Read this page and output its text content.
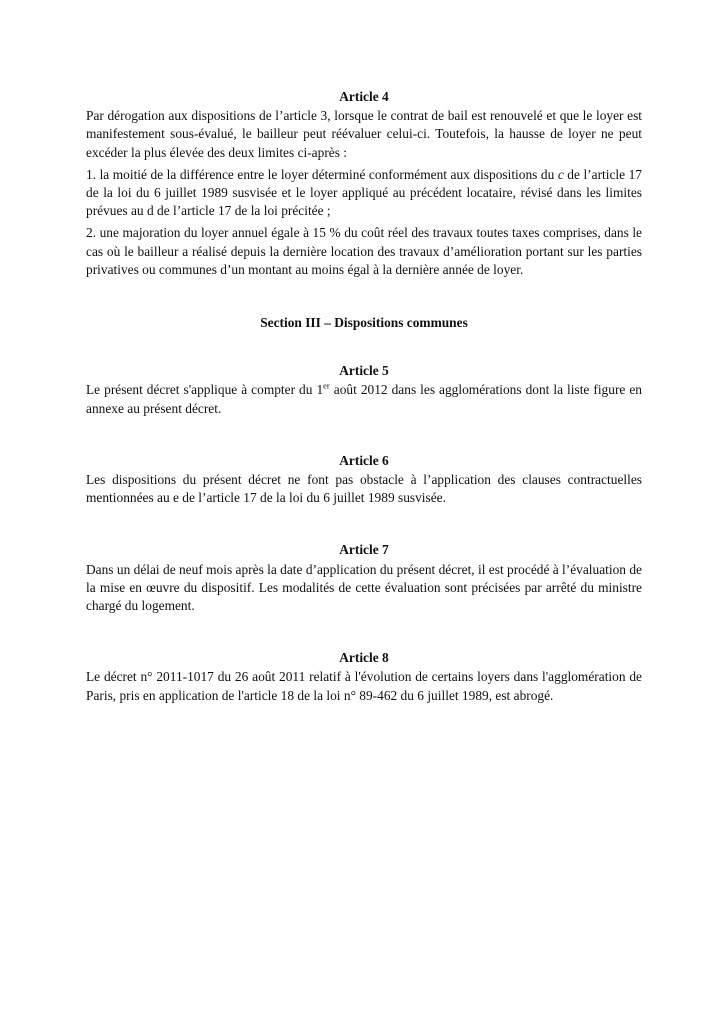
Article 4

Par dérogation aux dispositions de l’article 3, lorsque le contrat de bail est renouvelé et que le loyer est manifestement sous-évalué, le bailleur peut réévaluer celui-ci. Toutefois, la hausse de loyer ne peut excéder la plus élevée des deux limites ci-après :

1. la moitié de la différence entre le loyer déterminé conformément aux dispositions du c de l’article 17 de la loi du 6 juillet 1989 susvisée et le loyer appliqué au précédent locataire, révisé dans les limites prévues au d de l’article 17 de la loi précitée ;

2. une majoration du loyer annuel égale à 15 % du coût réel des travaux toutes taxes comprises, dans le cas où le bailleur a réalisé depuis la dernière location des travaux d’amélioration portant sur les parties privatives ou communes d’un montant au moins égal à la dernière année de loyer.

Section III – Dispositions communes
Article 5

Le présent décret s'applique à compter du 1er août 2012 dans les agglomérations dont la liste figure en annexe au présent décret.

Article 6

Les dispositions du présent décret ne font pas obstacle à l’application des clauses contractuelles mentionnées au e de l’article 17 de la loi du 6 juillet 1989 susvisée.

Article 7

Dans un délai de neuf mois après la date d’application du présent décret, il est procédé à l’évaluation de la mise en œuvre du dispositif. Les modalités de cette évaluation sont précisées par arrêté du ministre chargé du logement.

Article 8

Le décret n° 2011-1017 du 26 août 2011 relatif à l'évolution de certains loyers dans l'agglomération de Paris, pris en application de l'article 18 de la loi n° 89-462 du 6 juillet 1989, est abrogé.
